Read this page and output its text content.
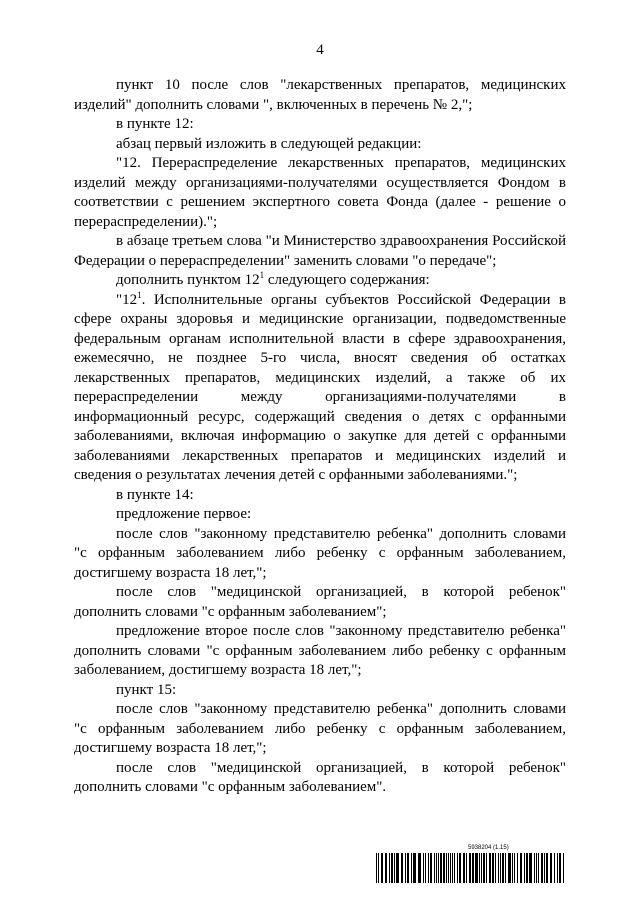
4

пункт 10 после слов "лекарственных препаратов, медицинских изделий" дополнить словами ", включенных в перечень № 2,";

в пункте 12:

абзац первый изложить в следующей редакции:

"12. Перераспределение лекарственных препаратов, медицинских изделий между организациями-получателями осуществляется Фондом в соответствии с решением экспертного совета Фонда (далее - решение о перераспределении).";

в абзаце третьем слова "и Министерство здравоохранения Российской Федерации о перераспределении" заменить словами "о передаче";

дополнить пунктом $12^1$ следующего содержания:

"$12^1$. Исполнительные органы субъектов Российской Федерации в сфере охраны здоровья и медицинские организации, подведомственные федеральным органам исполнительной власти в сфере здравоохранения, ежемесячно, не позднее 5-го числа, вносят сведения об остатках лекарственных препаратов, медицинских изделий, а также об их перераспределении между организациями-получателями в информационный ресурс, содержащий сведения о детях с орфанными заболеваниями, включая информацию о закупке для детей с орфанными заболеваниями лекарственных препаратов и медицинских изделий и сведения о результатах лечения детей с орфанными заболеваниями.";

в пункте 14:

предложение первое:

после слов "законному представителю ребенка" дополнить словами "с орфанным заболеванием либо ребенку с орфанным заболеванием, достигшему возраста 18 лет,";

после слов "медицинской организацией, в которой ребенок" дополнить словами "с орфанным заболеванием";

предложение второе после слов "законному представителю ребенка" дополнить словами "с орфанным заболеванием либо ребенку с орфанным заболеванием, достигшему возраста 18 лет,";

пункт 15:

после слов "законному представителю ребенка" дополнить словами "с орфанным заболеванием либо ребенку с орфанным заболеванием, достигшему возраста 18 лет,";

после слов "медицинской организацией, в которой ребенок" дополнить словами "с орфанным заболеванием".

5938204 (1.15)
